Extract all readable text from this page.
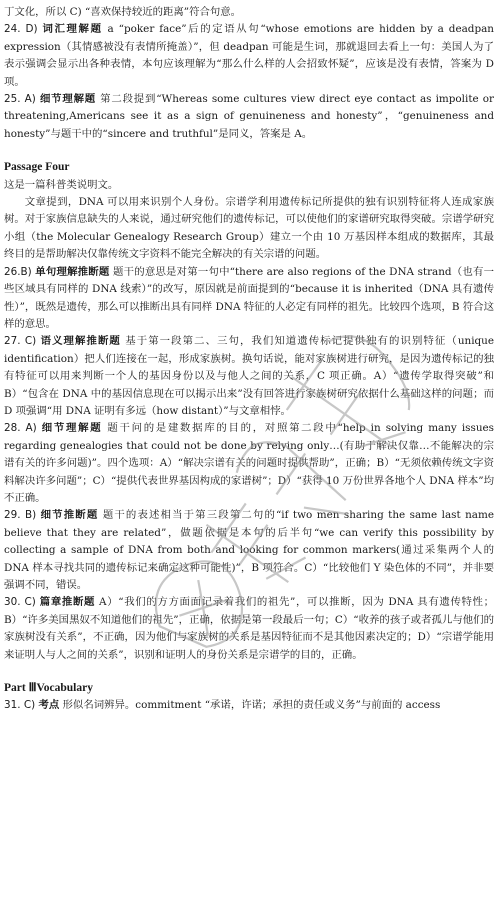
丁文化，所以 C) “喜欢保持较近的距离”符合句意。

24. D) 词汇理解题 a “poker face”后的定语从句“whose emotions are hidden by a deadpan expression（其情感被没有表情所掩盖）”，但 deadpan 可能是生词，那就退回去看上一句：美国人为了表示强调会显示出各种表情，本句应该理解为“那么什么样的人会招致怀疑”，应该是没有表情，答案为 D 项。

25. A) 细节理解题 第二段提到“Whereas some cultures view direct eye contact as impolite or threatening,Americans see it as a sign of genuineness and honesty”，“genuineness and honesty”与题干中的“sincere and truthful”是同义，答案是 A。

Passage Four

这是一篇科普类说明文。

文章提到，DNA 可以用来识别个人身份。宗谱学利用遗传标记所提供的独有识别特征将人连成家族树。对于家族信息缺失的人来说，通过研究他们的遗传标记，可以使他们的家谱研究取得突破。宗谱学研究小组（the Molecular Genealogy Research Group）建立一个由 10 万基因样本组成的数据库，其最终目的是帮助解决仅靠传统文字资料不能完全解决的有关宗谱的问题。

26.B) 单句理解推断题 题干的意思是对第一句中“there are also regions of the DNA strand（也有一些区域具有同样的 DNA 线索）”的改写，原因就是前面提到的“because it is inherited（DNA 具有遗传性）”，既然是遗传，那么可以推断出具有同样 DNA 特征的人必定有同样的祖先。比较四个选项，B 符合这样的意思。

27. C) 语义理解推断题 基于第一段第二、三句，我们知道遗传标记提供独有的识别特征（unique identification）把人们连接在一起，形成家族树。换句话说，能对家族树进行研究，是因为遗传标记的独有特征可以用来判断一个人的基因身份以及与他人之间的关系，C 项正确。A）“遗传学取得突破”和 B）“包含在 DNA 中的基因信息现在可以揭示出来”没有回答进行家族树研究依据什么基础这样的问题；而 D 项强调“用 DNA 证明有多远（how distant）”与文章相悖。

28. A) 细节理解题 题干问的是建数据库的目的，对照第二段中“help in solving many issues regarding genealogies that could not be done by relying only…(有助于解决仅靠…不能解决的宗谱有关的许多问题)”。四个选项：A）“解决宗谱有关的问题时提供帮助”，正确；B）“无须依赖传统文字资料解决许多问题”；C）“提供代表世界基因构成的家谱树”；D）“获得 10 万份世界各地个人 DNA 样本”均不正确。

29. B) 细节推断题 题干的表述相当于第三段第二句的“if two men sharing the same last name believe that they are related”，做题依据是本句的后半句“we can verify this possibility by collecting a sample of DNA from both and looking for common markers(通过采集两个人的 DNA 样本寻找共同的遗传标记来确定这种可能性)”，B 项符合。C）“比较他们 Y 染色体的不同”，并非要强调不同，错误。

30. C) 篇章推断题 A）“我们的方方面面记录着我们的祖先”，可以推断，因为 DNA 具有遗传特性；B）“许多美国黑奴不知道他们的祖先”，正确，依据是第一段最后一句；C）“收养的孩子或者孤儿与他们的家族树没有关系”，不正确，因为他们与家族树的关系是基因特征而不是其他因素决定的；D）“宗谱学能用来证明人与人之间的关系”，识别和证明人的身份关系是宗谱学的目的，正确。

Part ⅢVocabulary

31. C) 考点 形似名词辨异。commitment “承诺，许诺；承担的责任或义务”与前面的 access
